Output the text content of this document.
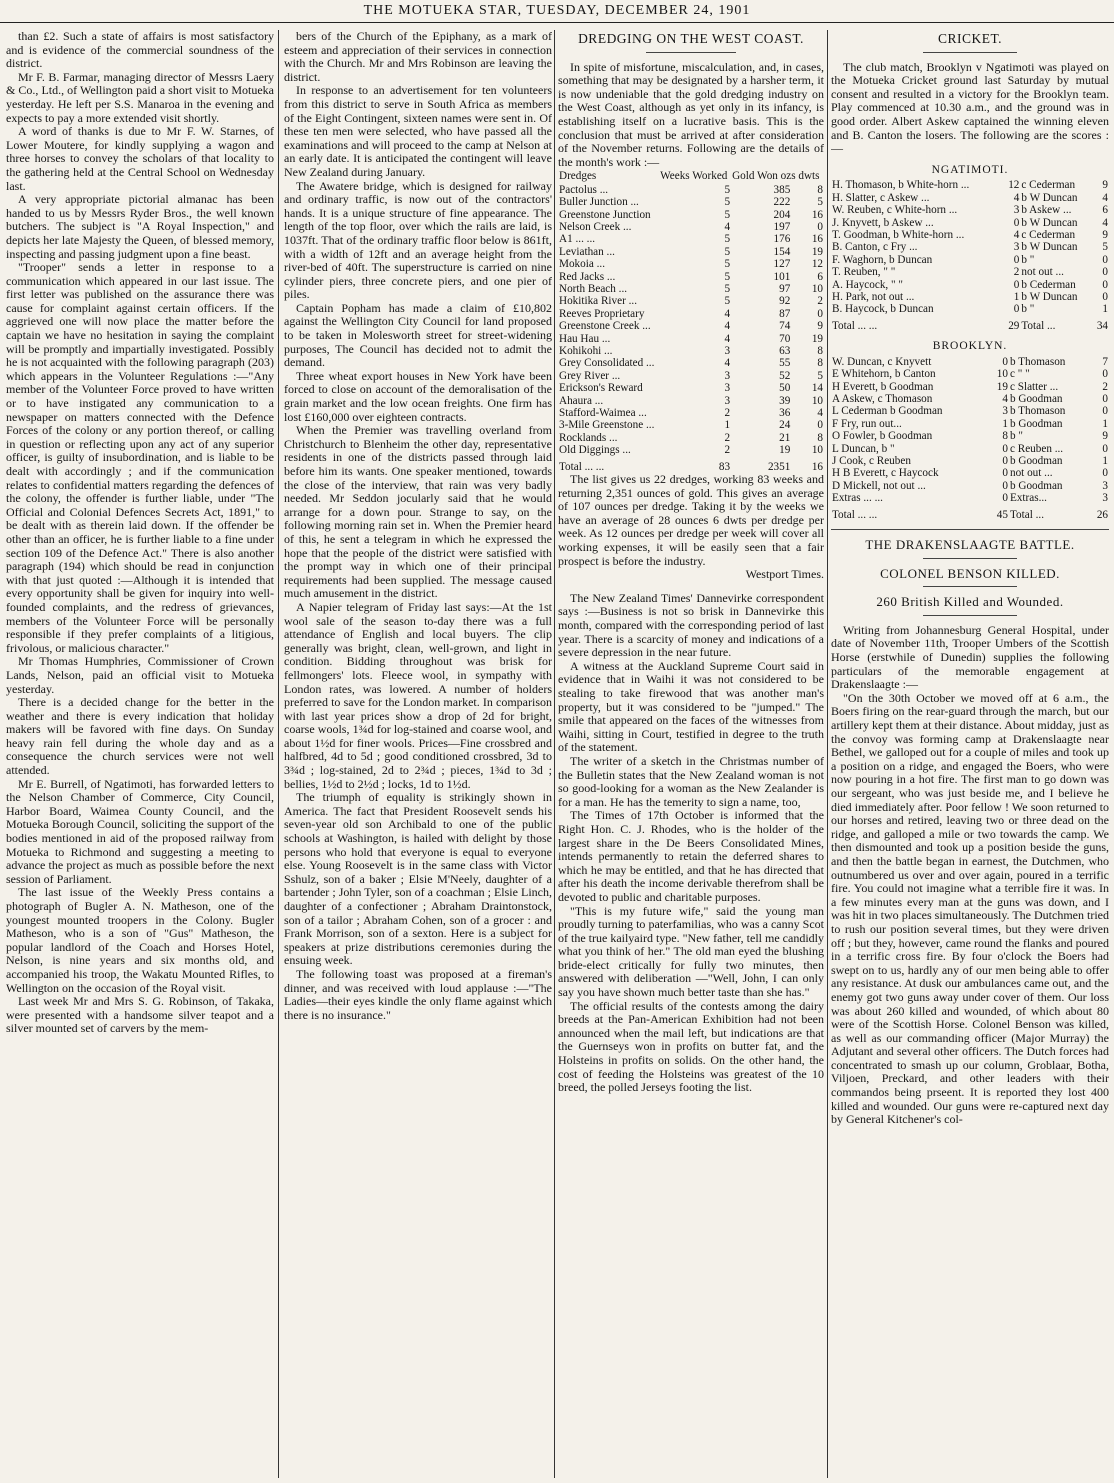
THE MOTUEKA STAR, TUESDAY, DECEMBER 24, 1901

than £2. Such a state of affairs is most satisfactory and is evidence of the commercial soundness of the district.

Mr F. B. Farmar, managing director of Messrs Laery & Co., Ltd., of Wellington paid a short visit to Motueka yesterday. He left per S.S. Manaroa in the evening and expects to pay a more extended visit shortly.

A word of thanks is due to Mr F. W. Starnes, of Lower Moutere, for kindly supplying a wagon and three horses to convey the scholars of that locality to the gathering held at the Central School on Wednesday last.

A very appropriate pictorial almanac has been handed to us by Messrs Ryder Bros., the well known butchers. The subject is "A Royal Inspection," and depicts her late Majesty the Queen, of blessed memory, inspecting and passing judgment upon a fine beast.

"Trooper" sends a letter in response to a communication which appeared in our last issue. The first letter was published on the assurance there was cause for complaint against certain officers. If the aggrieved one will now place the matter before the captain we have no hesitation in saying the complaint will be promptly and impartially investigated. Possibly he is not acquainted with the following paragraph (203) which appears in the Volunteer Regulations :—"Any member of the Volunteer Force proved to have written or to have instigated any communication to a newspaper on matters connected with the Defence Forces of the colony or any portion thereof, or calling in question or reflecting upon any act of any superior officer, is guilty of insubordination, and is liable to be dealt with accordingly ; and if the communication relates to confidential matters regarding the defences of the colony, the offender is further liable, under "The Official and Colonial Defences Secrets Act, 1891," to be dealt with as therein laid down. If the offender be other than an officer, he is further liable to a fine under section 109 of the Defence Act." There is also another paragraph (194) which should be read in conjunction with that just quoted :—Although it is intended that every opportunity shall be given for inquiry into well-founded complaints, and the redress of grievances, members of the Volunteer Force will be personally responsible if they prefer complaints of a litigious, frivolous, or malicious character."

Mr Thomas Humphries, Commissioner of Crown Lands, Nelson, paid an official visit to Motueka yesterday.

There is a decided change for the better in the weather and there is every indication that holiday makers will be favored with fine days. On Sunday heavy rain fell during the whole day and as a consequence the church services were not well attended.

Mr E. Burrell, of Ngatimoti, has forwarded letters to the Nelson Chamber of Commerce, City Council, Harbor Board, Waimea County Council, and the Motueka Borough Council, soliciting the support of the bodies mentioned in aid of the proposed railway from Motueka to Richmond and suggesting a meeting to advance the project as much as possible before the next session of Parliament.

The last issue of the Weekly Press contains a photograph of Bugler A. N. Matheson, one of the youngest mounted troopers in the Colony. Bugler Matheson, who is a son of "Gus" Matheson, the popular landlord of the Coach and Horses Hotel, Nelson, is nine years and six months old, and accompanied his troop, the Wakatu Mounted Rifles, to Wellington on the occasion of the Royal visit.

Last week Mr and Mrs S. G. Robinson, of Takaka, were presented with a handsome silver teapot and a silver mounted set of carvers by the mem-

bers of the Church of the Epiphany, as a mark of esteem and appreciation of their services in connection with the Church. Mr and Mrs Robinson are leaving the district.

In response to an advertisement for ten volunteers from this district to serve in South Africa as members of the Eight Contingent, sixteen names were sent in. Of these ten men were selected, who have passed all the examinations and will proceed to the camp at Nelson at an early date. It is anticipated the contingent will leave New Zealand during January.

The Awatere bridge, which is designed for railway and ordinary traffic, is now out of the contractors' hands. It is a unique structure of fine appearance. The length of the top floor, over which the rails are laid, is 1037ft. That of the ordinary traffic floor below is 861ft, with a width of 12ft and an average height from the river-bed of 40ft. The superstructure is carried on nine cylinder piers, three concrete piers, and one pier of piles.

Captain Popham has made a claim of £10,802 against the Wellington City Council for land proposed to be taken in Molesworth street for street-widening purposes, The Council has decided not to admit the demand.

Three wheat export houses in New York have been forced to close on account of the demoralisation of the grain market and the low ocean freights. One firm has lost £160,000 over eighteen contracts.

When the Premier was travelling overland from Christchurch to Blenheim the other day, representative residents in one of the districts passed through laid before him its wants. One speaker mentioned, towards the close of the interview, that rain was very badly needed. Mr Seddon jocularly said that he would arrange for a down pour. Strange to say, on the following morning rain set in. When the Premier heard of this, he sent a telegram in which he expressed the hope that the people of the district were satisfied with the prompt way in which one of their principal requirements had been supplied. The message caused much amusement in the district.

A Napier telegram of Friday last says:—At the 1st wool sale of the season to-day there was a full attendance of English and local buyers. The clip generally was bright, clean, well-grown, and light in condition. Bidding throughout was brisk for fellmongers' lots. Fleece wool, in sympathy with London rates, was lowered. A number of holders preferred to save for the London market. In comparison with last year prices show a drop of 2d for bright, coarse wools, 1¾d for log-stained and coarse wool, and about 1½d for finer wools. Prices—Fine crossbred and halfbred, 4d to 5d ; good conditioned crossbred, 3d to 3¾d ; log-stained, 2d to 2¾d ; pieces, 1¾d to 3d ; bellies, 1½d to 2½d ; locks, 1d to 1½d.

The triumph of equality is strikingly shown in America. The fact that President Roosevelt sends his seven-year old son Archibald to one of the public schools at Washington, is hailed with delight by those persons who hold that everyone is equal to everyone else. Young Roosevelt is in the same class with Victor Sshulz, son of a baker ; Elsie M'Neely, daughter of a bartender ; John Tyler, son of a coachman ; Elsie Linch, daughter of a confectioner ; Abraham Draintonstock, son of a tailor ; Abraham Cohen, son of a grocer : and Frank Morrison, son of a sexton. Here is a subject for speakers at prize distributions ceremonies during the ensuing week.

The following toast was proposed at a fireman's dinner, and was received with loud applause :—"The Ladies—their eyes kindle the only flame against which there is no insurance."

DREDGING ON THE WEST COAST.

In spite of misfortune, miscalculation, and, in cases, something that may be designated by a harsher term, it is now undeniable that the gold dredging industry on the West Coast, although as yet only in its infancy, is establishing itself on a lucrative basis. This is the conclusion that must be arrived at after consideration of the November returns. Following are the details of the month's work :—

Dredges	Weeks Worked	Gold Won ozs dwts	
Pactolus ...	5	385	8
Buller Junction ...	5	222	5
Greenstone Junction	5	204	16
Nelson Creek ...	4	197	0
A1 ... ...	5	176	16
Leviathan ...	5	154	19
Mokoia ...	5	127	12
Red Jacks ...	5	101	6
North Beach ...	5	97	10
Hokitika River ...	5	92	2
Reeves Proprietary	4	87	0
Greenstone Creek ...	4	74	9
Hau Hau ...	4	70	19
Kohikohi ...	3	63	8
Grey Consolidated ...	4	55	8
Grey River ...	3	52	5
Erickson's Reward	3	50	14
Ahaura ...	3	39	10
Stafford-Waimea ...	2	36	4
3-Mile Greenstone ...	1	24	0
Rocklands ...	2	21	8
Old Diggings ...	2	19	10
Total ... ...	83	2351	16

The list gives us 22 dredges, working 83 weeks and returning 2,351 ounces of gold. This gives an average of 107 ounces per dredge. Taking it by the weeks we have an average of 28 ounces 6 dwts per dredge per week. As 12 ounces per dredge per week will cover all working expenses, it will be easily seen that a fair prospect is before the industry.

Westport Times.

The New Zealand Times' Dannevirke correspondent says :—Business is not so brisk in Dannevirke this month, compared with the corresponding period of last year. There is a scarcity of money and indications of a severe depression in the near future.

A witness at the Auckland Supreme Court said in evidence that in Waihi it was not considered to be stealing to take firewood that was another man's property, but it was considered to be "jumped." The smile that appeared on the faces of the witnesses from Waihi, sitting in Court, testified in degree to the truth of the statement.

The writer of a sketch in the Christmas number of the Bulletin states that the New Zealand woman is not so good-looking for a woman as the New Zealander is for a man. He has the temerity to sign a name, too,

The Times of 17th October is informed that the Right Hon. C. J. Rhodes, who is the holder of the largest share in the De Beers Consolidated Mines, intends permanently to retain the deferred shares to which he may be entitled, and that he has directed that after his death the income derivable therefrom shall be devoted to public and charitable purposes.

"This is my future wife," said the young man proudly turning to paterfamilias, who was a canny Scot of the true kailyaird type. "New father, tell me candidly what you think of her." The old man eyed the blushing bride-elect critically for fully two minutes, then answered with deliberation —"Well, John, I can only say you have shown much better taste than she has."

The official results of the contests among the dairy breeds at the Pan-American Exhibition had not been announced when the mail left, but indications are that the Guernseys won in profits on butter fat, and the Holsteins in profits on solids. On the other hand, the cost of feeding the Holsteins was greatest of the 10 breed, the polled Jerseys footing the list.

CRICKET.

The club match, Brooklyn v Ngatimoti was played on the Motueka Cricket ground last Saturday by mutual consent and resulted in a victory for the Brooklyn team. Play commenced at 10.30 a.m., and the ground was in good order. Albert Askew captained the winning eleven and B. Canton the losers. The following are the scores :—

NGATIMOTI.
H. Thomason, b White-horn ...	12	c Cederman	9
H. Slatter, c Askew ...	4	b W Duncan	4
W. Reuben, c White-horn ...	3	b Askew ...	6
J. Knyvett, b Askew ...	0	b W Duncan	4
T. Goodman, b White-horn ...	4	c Cederman	9
B. Canton, c Fry ...	3	b W Duncan	5
F. Waghorn, b Duncan	0	b "	0
T. Reuben, " "	2	not out ...	0
A. Haycock, " "	0	b Cederman	0
H. Park, not out ...	1	b W Duncan	0
B. Haycock, b Duncan	0	b "	1
Total ... ...	29	Total ...	34
BROOKLYN.
W. Duncan, c Knyvett	0	b Thomason	7
E Whitehorn, b Canton	10	c " "	0
H Everett, b Goodman	19	c Slatter ...	2
A Askew, c Thomason	4	b Goodman	0
L Cederman b Goodman	3	b Thomason	0
F Fry, run out...	1	b Goodman	1
O Fowler, b Goodman	8	b "	9
L Duncan, b "	0	c Reuben ...	0
J Cook, c Reuben	0	b Goodman	1
H B Everett, c Haycock	0	not out ...	0
D Mickell, not out ...	0	b Goodman	3
Extras ... ...	0	Extras...	3
Total ... ...	45	Total ...	26
THE DRAKENSLAAGTE BATTLE.
COLONEL BENSON KILLED.
260 British Killed and Wounded.

Writing from Johannesburg General Hospital, under date of November 11th, Trooper Umbers of the Scottish Horse (erstwhile of Dunedin) supplies the following particulars of the memorable engagement at Drakenslaagte :—

"On the 30th October we moved off at 6 a.m., the Boers firing on the rear-guard through the march, but our artillery kept them at their distance. About midday, just as the convoy was forming camp at Drakenslaagte near Bethel, we galloped out for a couple of miles and took up a position on a ridge, and engaged the Boers, who were now pouring in a hot fire. The first man to go down was our sergeant, who was just beside me, and I believe he died immediately after. Poor fellow ! We soon returned to our horses and retired, leaving two or three dead on the ridge, and galloped a mile or two towards the camp. We then dismounted and took up a position beside the guns, and then the battle began in earnest, the Dutchmen, who outnumbered us over and over again, poured in a terrific fire. You could not imagine what a terrible fire it was. In a few minutes every man at the guns was down, and I was hit in two places simultaneously. The Dutchmen tried to rush our position several times, but they were driven off ; but they, however, came round the flanks and poured in a terrific cross fire. By four o'clock the Boers had swept on to us, hardly any of our men being able to offer any resistance. At dusk our ambulances came out, and the enemy got two guns away under cover of them. Our loss was about 260 killed and wounded, of which about 80 were of the Scottish Horse. Colonel Benson was killed, as well as our commanding officer (Major Murray) the Adjutant and several other officers. The Dutch forces had concentrated to smash up our column, Groblaar, Botha, Viljoen, Preckard, and other leaders with their commandos being prseent. It is reported they lost 400 killed and wounded. Our guns were re-captured next day by General Kitchener's col-
